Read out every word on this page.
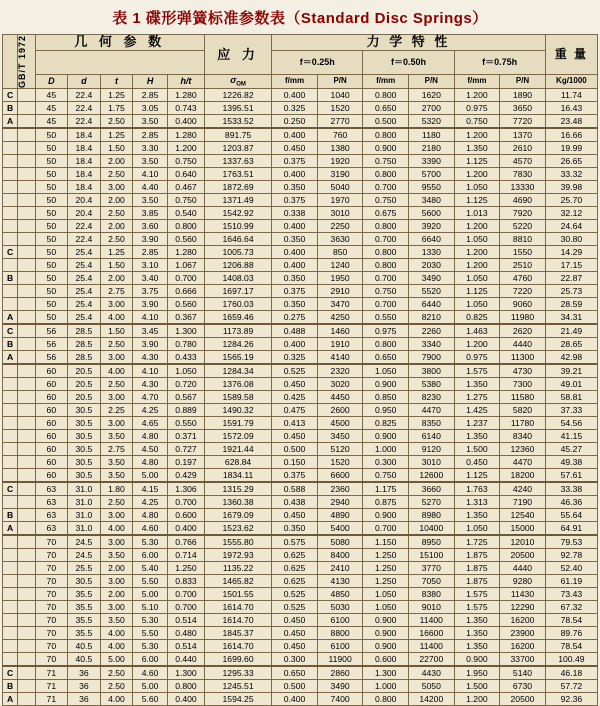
表 1 碟形弹簧标准参数表（Standard Disc Springs）

	GB/T 1972	几 何 参 数					应 力	力 学 特 性						重 量
								f＝0.25h		f＝0.50h		f＝0.75h		
		D	d	t	H	h/t	$\sigma_{OM}$	f/mm	P/N	f/mm	P/N	f/mm	P/N	Kg/1000
C		45	22.4	1.25	2.85	1.280	1226.82	0.400	1040	0.800	1620	1.200	1890	11.74
B		45	22.4	1.75	3.05	0.743	1395.51	0.325	1520	0.650	2700	0.975	3650	16.43
A		45	22.4	2.50	3.50	0.400	1533.52	0.250	2770	0.500	5320	0.750	7720	23.48
		50	18.4	1.25	2.85	1.280	891.75	0.400	760	0.800	1180	1.200	1370	16.66
		50	18.4	1.50	3.30	1.200	1203.87	0.450	1380	0.900	2180	1.350	2610	19.99
		50	18.4	2.00	3.50	0.750	1337.63	0.375	1920	0.750	3390	1.125	4570	26.65
		50	18.4	2.50	4.10	0.640	1763.51	0.400	3190	0.800	5700	1.200	7830	33.32
		50	18.4	3.00	4.40	0.467	1872.69	0.350	5040	0.700	9550	1.050	13330	39.98
		50	20.4	2.00	3.50	0.750	1371.49	0.375	1970	0.750	3480	1.125	4690	25.70
		50	20.4	2.50	3.85	0.540	1542.92	0.338	3010	0.675	5600	1.013	7920	32.12
		50	22.4	2.00	3.60	0.800	1510.99	0.400	2250	0.800	3920	1.200	5220	24.64
		50	22.4	2.50	3.90	0.560	1646.64	0.350	3630	0.700	6640	1.050	8810	30.80
C		50	25.4	1.25	2.85	1.280	1005.73	0.400	850	0.800	1330	1.200	1550	14.29
		50	25.4	1.50	3.10	1.067	1206.88	0.400	1240	0.800	2030	1.200	2510	17.15
B		50	25.4	2.00	3.40	0.700	1408.03	0.350	1950	0.700	3490	1.050	4760	22.87
		50	25.4	2.75	3.75	0.666	1697.17	0.375	2910	0.750	5520	1.125	7220	25.73
		50	25.4	3.00	3.90	0.560	1760.03	0.350	3470	0.700	6440	1.050	9060	28.59
A		50	25.4	4.00	4.10	0.367	1659.46	0.275	4250	0.550	8210	0.825	11980	34.31
C		56	28.5	1.50	3.45	1.300	1173.89	0.488	1460	0.975	2260	1.463	2620	21.49
B		56	28.5	2.50	3.90	0.780	1284.26	0.400	1910	0.800	3340	1.200	4440	28.65
A		56	28.5	3.00	4.30	0.433	1565.19	0.325	4140	0.650	7900	0.975	11300	42.98
		60	20.5	4.00	4.10	1.050	1284.34	0.525	2320	1.050	3800	1.575	4730	39.21
		60	20.5	2.50	4.30	0.720	1376.08	0.450	3020	0.900	5380	1.350	7300	49.01
		60	20.5	3.00	4.70	0.567	1589.58	0.425	4450	0.850	8230	1.275	11580	58.81
		60	30.5	2.25	4.25	0.889	1490.32	0.475	2600	0.950	4470	1.425	5820	37.33
		60	30.5	3.00	4.65	0.550	1591.79	0.413	4500	0.825	8350	1.237	11780	54.56
		60	30.5	3.50	4.80	0.371	1572.09	0.450	3450	0.900	6140	1.350	8340	41.15
		60	30.5	2.75	4.50	0.727	1921.44	0.500	5120	1.000	9120	1.500	12360	45.27
		60	30.5	3.50	4.80	0.197	628.84	0.150	1520	0.300	3010	0.450	4470	49.38
		60	30.5	3.50	5.00	0.429	1834.11	0.375	6600	0.750	12600	1.125	18200	57.61
C		63	31.0	1.80	4.15	1.306	1315.29	0.588	2360	1.175	3660	1.763	4240	33.38
		63	31.0	2.50	4.25	0.700	1360.38	0.438	2940	0.875	5270	1.313	7190	46.36
B		63	31.0	3.00	4.80	0.600	1679.09	0.450	4890	0.900	8980	1.350	12540	55.64
A		63	31.0	4.00	4.60	0.400	1523.62	0.350	5400	0.700	10400	1.050	15000	64.91
		70	24.5	3.00	5.30	0.766	1555.80	0.575	5080	1.150	8950	1.725	12010	79.53
		70	24.5	3.50	6.00	0.714	1972.93	0.625	8400	1.250	15100	1.875	20500	92.78
		70	25.5	2.00	5.40	1.250	1135.22	0.625	2410	1.250	3770	1.875	4440	52.40
		70	30.5	3.00	5.50	0.833	1465.82	0.625	4130	1.250	7050	1.875	9280	61.19
		70	35.5	2.00	5.00	0.700	1501.55	0.525	4850	1.050	8380	1.575	11430	73.43
		70	35.5	3.00	5.10	0.700	1614.70	0.525	5030	1.050	9010	1.575	12290	67.32
		70	35.5	3.50	5.30	0.514	1614.70	0.450	6100	0.900	11400	1.350	16200	78.54
		70	35.5	4.00	5.50	0.480	1845.37	0.450	8800	0.900	16600	1.350	23900	89.76
		70	40.5	4.00	5.30	0.514	1614.70	0.450	6100	0.900	11400	1.350	16200	78.54
		70	40.5	5.00	6.00	0.440	1699.60	0.300	11900	0.600	22700	0.900	33700	100.49
C		71	36	2.50	4.60	1.300	1295.33	0.650	2860	1.300	4430	1.950	5140	46.18
B		71	36	2.50	5.00	0.800	1245.51	0.500	3490	1.000	5050	1.500	6730	57.72
A		71	36	4.00	5.60	0.400	1594.25	0.400	7400	0.800	14200	1.200	20500	92.36
